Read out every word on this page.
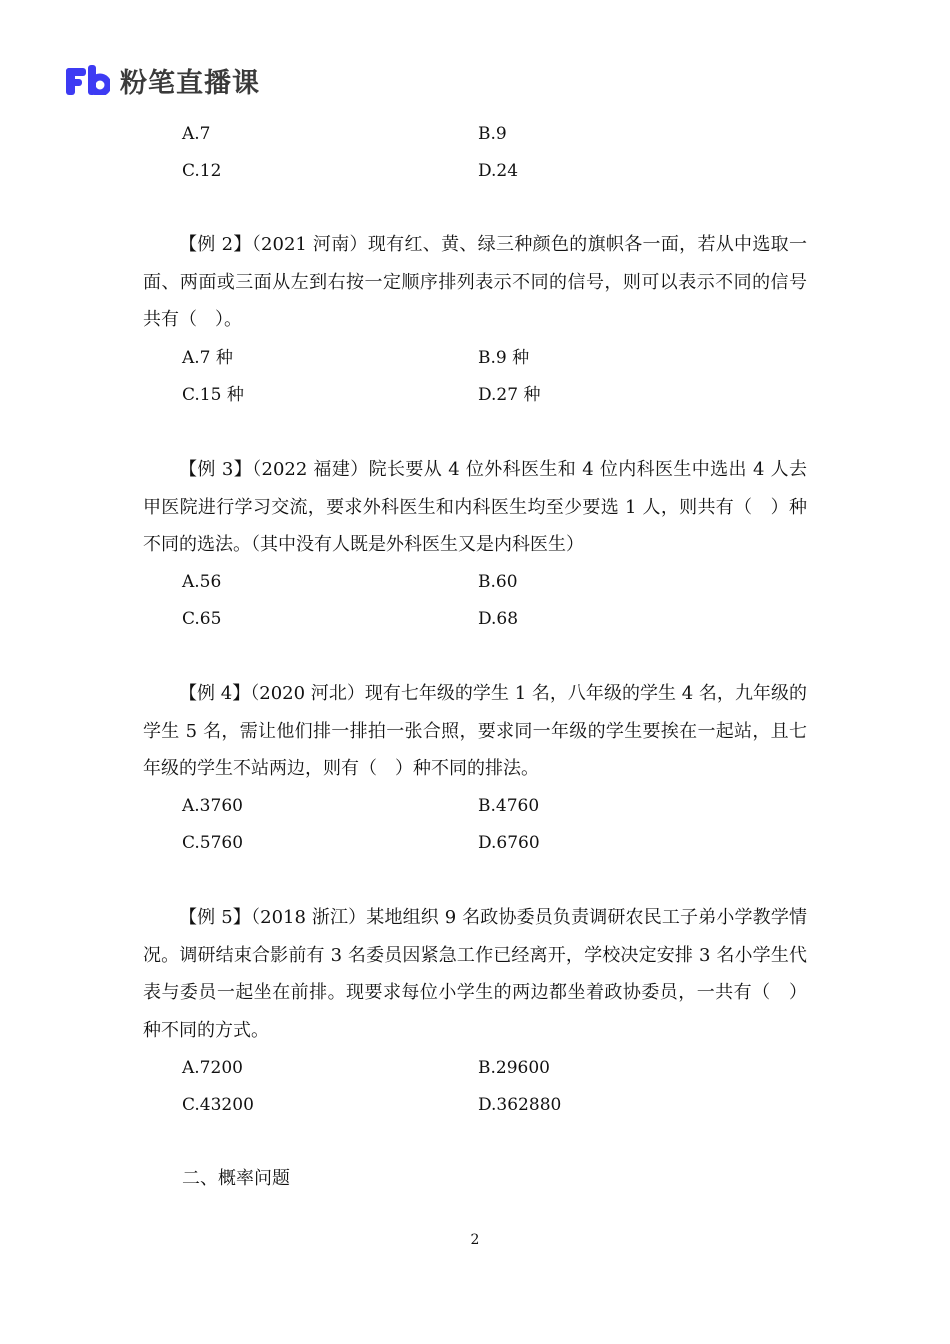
粉笔直播课
A.7	B.9
C.12	D.24

【例 2】（2021 河南）现有红、黄、绿三种颜色的旗帜各一面，若从中选取一面、两面或三面从左到右按一定顺序排列表示不同的信号，则可以表示不同的信号共有（　）。

A.7 种	B.9 种
C.15 种	D.27 种

【例 3】（2022 福建）院长要从 4 位外科医生和 4 位内科医生中选出 4 人去甲医院进行学习交流，要求外科医生和内科医生均至少要选 1 人，则共有（　）种不同的选法。（其中没有人既是外科医生又是内科医生）

A.56	B.60
C.65	D.68

【例 4】（2020 河北）现有七年级的学生 1 名，八年级的学生 4 名，九年级的学生 5 名，需让他们排一排拍一张合照，要求同一年级的学生要挨在一起站，且七年级的学生不站两边，则有（　）种不同的排法。

A.3760	B.4760
C.5760	D.6760

【例 5】（2018 浙江）某地组织 9 名政协委员负责调研农民工子弟小学教学情况。调研结束合影前有 3 名委员因紧急工作已经离开，学校决定安排 3 名小学生代表与委员一起坐在前排。现要求每位小学生的两边都坐着政协委员，一共有（　）种不同的方式。

A.7200	B.29600
C.43200	D.362880
二、概率问题
2
